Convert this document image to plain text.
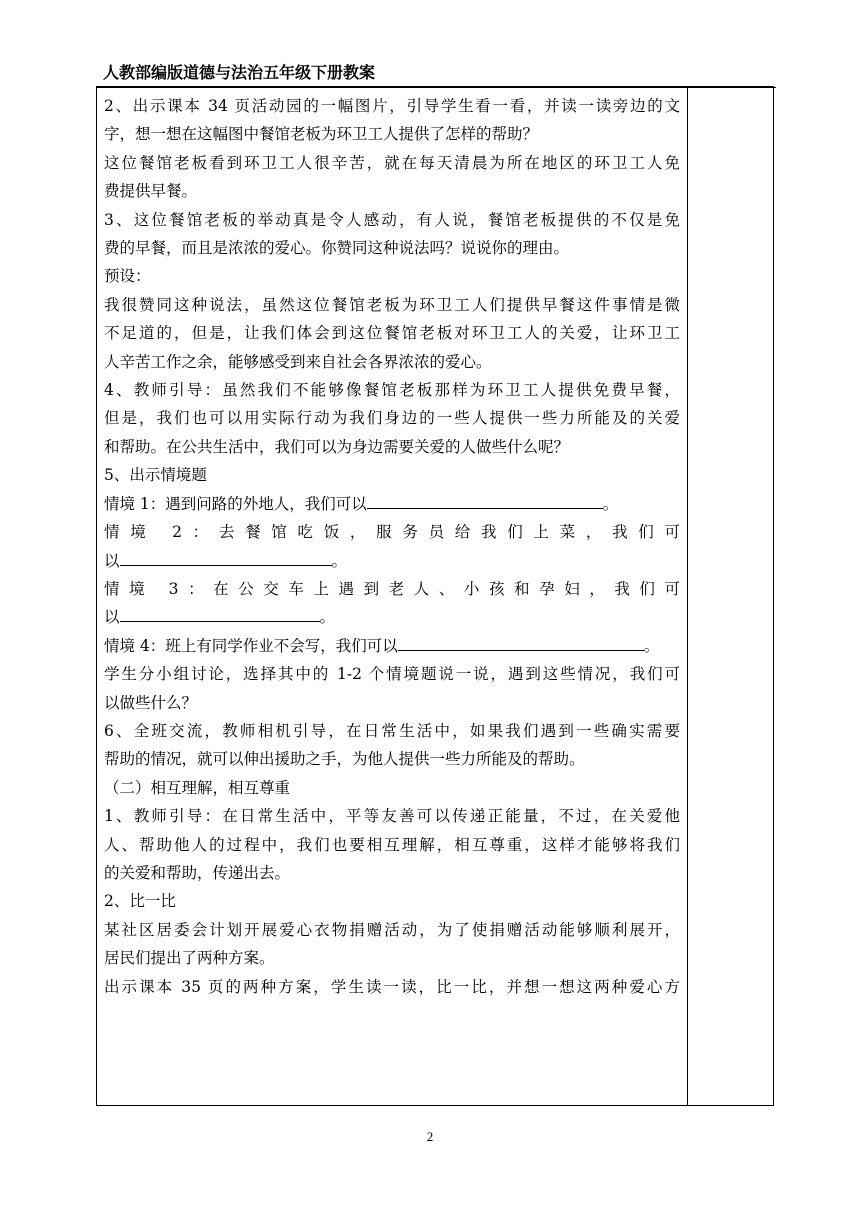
人教部编版道德与法治五年级下册教案

2、出示课本 34 页活动园的一幅图片，引导学生看一看，并读一读旁边的文

字，想一想在这幅图中餐馆老板为环卫工人提供了怎样的帮助？

这位餐馆老板看到环卫工人很辛苦，就在每天清晨为所在地区的环卫工人免

费提供早餐。

3、这位餐馆老板的举动真是令人感动，有人说，餐馆老板提供的不仅是免

费的早餐，而且是浓浓的爱心。你赞同这种说法吗？说说你的理由。

预设：

我很赞同这种说法，虽然这位餐馆老板为环卫工人们提供早餐这件事情是微

不足道的，但是，让我们体会到这位餐馆老板对环卫工人的关爱，让环卫工

人辛苦工作之余，能够感受到来自社会各界浓浓的爱心。

4、教师引导：虽然我们不能够像餐馆老板那样为环卫工人提供免费早餐，

但是，我们也可以用实际行动为我们身边的一些人提供一些力所能及的关爱

和帮助。在公共生活中，我们可以为身边需要关爱的人做些什么呢？

5、出示情境题

情境 1：遇到问路的外地人，我们可以	。

情境 2：去餐馆吃饭，服务员给我们上菜，我们可

以	。

情境 3：在公交车上遇到老人、小孩和孕妇，我们可

以	。

情境 4：班上有同学作业不会写，我们可以	。

学生分小组讨论，选择其中的 1-2 个情境题说一说，遇到这些情况，我们可

以做些什么？

6、全班交流，教师相机引导，在日常生活中，如果我们遇到一些确实需要

帮助的情况，就可以伸出援助之手，为他人提供一些力所能及的帮助。

（二）相互理解，相互尊重

1、教师引导：在日常生活中，平等友善可以传递正能量，不过，在关爱他

人、帮助他人的过程中，我们也要相互理解，相互尊重，这样才能够将我们

的关爱和帮助，传递出去。

2、比一比

某社区居委会计划开展爱心衣物捐赠活动，为了使捐赠活动能够顺利展开，

居民们提出了两种方案。

出示课本 35 页的两种方案，学生读一读，比一比，并想一想这两种爱心方

2
